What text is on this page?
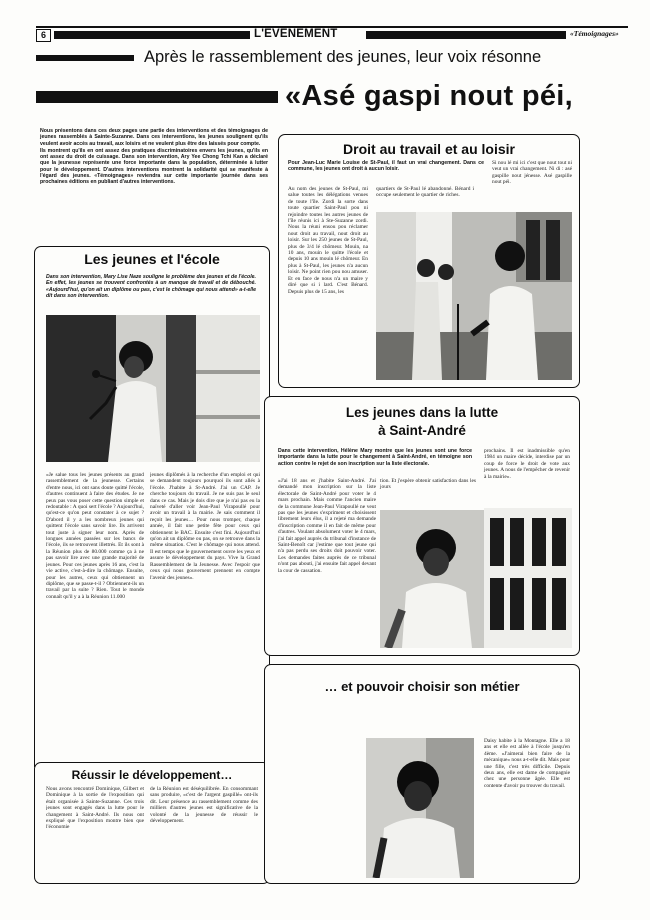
6	L'ÉVÉNEMENT	«Témoignages»
Après le rassemblement des jeunes, leur voix résonne
«Asé gaspi nout péi,
Nous présentons dans ces deux pages une partie des interventions et des témoignages de jeunes rassemblés à Sainte-Suzanne. Dans ces interventions, les jeunes soulignent qu'ils veulent avoir accès au travail, aux loisirs et ne veulent plus être des laissés pour compte.
Ils montrent qu'ils en ont assez des pratiques discriminatoires envers les jeunes, qu'ils en ont assez du droit de cuissage. Dans son intervention, Ary Yee Chong Tchi Kan a déclaré que la jeunesse représente une force importante dans la population, déterminée à lutter pour le développement. D'autres interventions montrent la solidarité qui se manifeste à l'égard des jeunes. «Témoignages» reviendra sur cette importante journée dans ses prochaines éditions en publiant d'autres interventions.
Les jeunes et l'école
Dans son intervention, Mary Lise Naze souligne le problème des jeunes et de l'école. En effet, les jeunes se trouvent confrontés à un manque de travail et de débouché. «Aujourd'hui, qu'on ait un diplôme ou pas, c'est le chômage qui nous attend» a-t-elle dit dans son intervention.
«Je salue tous les jeunes présents au grand rassemblement de la jeunesse. Certains d'entre nous, ici ont sans doute quitté l'école, d'autres continuent à faire des études. Je ne peux pas vous poser cette question simple et redoutable : A quoi sert l'école ? Aujourd'hui, qu'est-ce qu'on peut constater à ce sujet ? D'abord il y a les nombreux jeunes qui quittent l'école sans savoir lire. Ils arrivent tout juste à signer leur nom. Après de longues années passées sur les bancs de l'école, ils se retrouvent illettrés. Et ils sont à la Réunion plus de 80.000 comme ça à ne pas savoir lire avec une grande majorité de jeunes. Pour ces jeunes après 16 ans, c'est la vie active, c'est-à-dire la chômage. Ensuite, pour les autres, ceux qui obtiennent un diplôme, que se passe-t-il ? Obtiennent-ils un travail par la suite ? Rien. Tout le monde connaît qu'il y a à la Réunion 11.000
jeunes diplômés à la recherche d'un emploi et qui se demandent toujours pourquoi ils sont allés à l'école. J'habite à St-André. J'ai un CAP. Je cherche toujours du travail. Je ne suis pas le seul dans ce cas. Mais je dois dire que je n'ai pas eu la naïveté d'aller voir Jean-Paul Virapoullé pour avoir un travail à la mairie. Je sais comment il reçoit les jeunes… Pour nous tromper, chaque année, il fait une petite fête pour ceux qui obtiennent le BAC. Ensuite c'est fini. Aujourd'hui qu'on ait un diplôme ou pas, on se retrouve dans la même situation. C'est le chômage qui nous attend. Il est temps que le gouvernement ouvre les yeux et assure le développement du pays. Vive la Grand Rassemblement de la Jeunesse. Avec l'espoir que ceux qui nous gouvernent prennent en compte l'avenir des jeunes».
Réussir le développement…
Nous avons rencontré Dominique, Gilbert et Dominique à la sortie de l'exposition qui était organisée à Sainte-Suzanne. Ces trois jeunes sont engagés dans la lutte pour le changement à Saint-André. Ils nous ont expliqué que l'exposition montre bien que l'économie
de la Réunion est déséquilibrée. En consommant sans produire, «c'est de l'argent gaspillé» ont-ils dit. Leur présence au rassemblement comme des milliers d'autres jeunes est significative de la volonté de la jeunesse de réussir le développement.
Droit au travail et au loisir
Pour Jean-Luc Marie Louise de St-Paul, il faut un vrai changement. Dans ce commune, les jeunes ont droit à aucun loisir.
Si nou lé mi ici c'est que nout tout ni veut un vrai changement. Ni di : asé gaspille nout jénesse. Asé gaspille nout péi.
Au nom des jeunes de St-Paul, mi salue toutes les délégations venues de toute l'île. Zordi la sorte dans toute quartier Saint-Paul pou ni rejoindre toutes les autres jeunes de l'île réunis ici à Ste-Suzanne zordi. Nous la réuni ensou pou réclamer nout droit au travail, nout droit au loisir. Sur les 250 jeunes de St-Paul, plus de 3/4 lé chômeur. Mouin, na 10 ans, mouin le quitte l'école et depuis 10 ans mouin lé chômeur. En plus à St-Paul, les jeunes n'a aucun loisir. Ne point rien pou nou amuser. Et en face de nous n'a un maire y diré que si i lard. C'est Bénard. Depuis plus de 15 ans, les
quartiers de St-Paul lé abandonné. Bénard i occupe seulement le quartier de riches.
Les jeunes dans la lutte
à Saint-André
Dans cette intervention, Hélène Mary montre que les jeunes sont une force importante dans la lutte pour le changement à Saint-André, en témoigne son action contre le rejet de son inscription sur la liste électorale.
«J'ai 18 ans et j'habite Saint-André. J'ai demandé mon inscription sur la liste électorale de Saint-André pour voter le 4 mars prochain. Mais comme l'ancien maire de la commune Jean-Paul Virapoullé ne veut pas que les jeunes s'expriment et choisissent librement leurs élus, il a rejeté ma demande d'inscription comme il en fait de même pour d'autres. Voulant absolument voter le 4 mars, j'ai fait appel auprès du tribunal d'instance de Saint-Benoît car j'estime que tout jeune qui n'a pas perdu ses droits doit pouvoir voter. Les demandes faites auprès de ce tribunal n'ont pas abouti, j'ai ensuite fait appel devant la cour de cassation.
tion. Et j'espère obtenir satisfaction dans les jours
prochains. Il est inadmissible qu'en 1984 un maire décide, interdise par un coup de force le droit de vote aux jeunes. A nous de l'empêcher de revenir à la mairie».
… et pouvoir choisir son métier
Daisy habite à la Montagne. Elle a 18 ans et elle est allée à l'école jusqu'en 4ème. «J'aimerai bien faire de la mécanique» nous a-t-elle dit. Mais pour une fille, c'est très difficile. Depuis deux ans, elle est dame de compagnie chez une personne âgée. Elle est contente d'avoir pu trouver du travail.
